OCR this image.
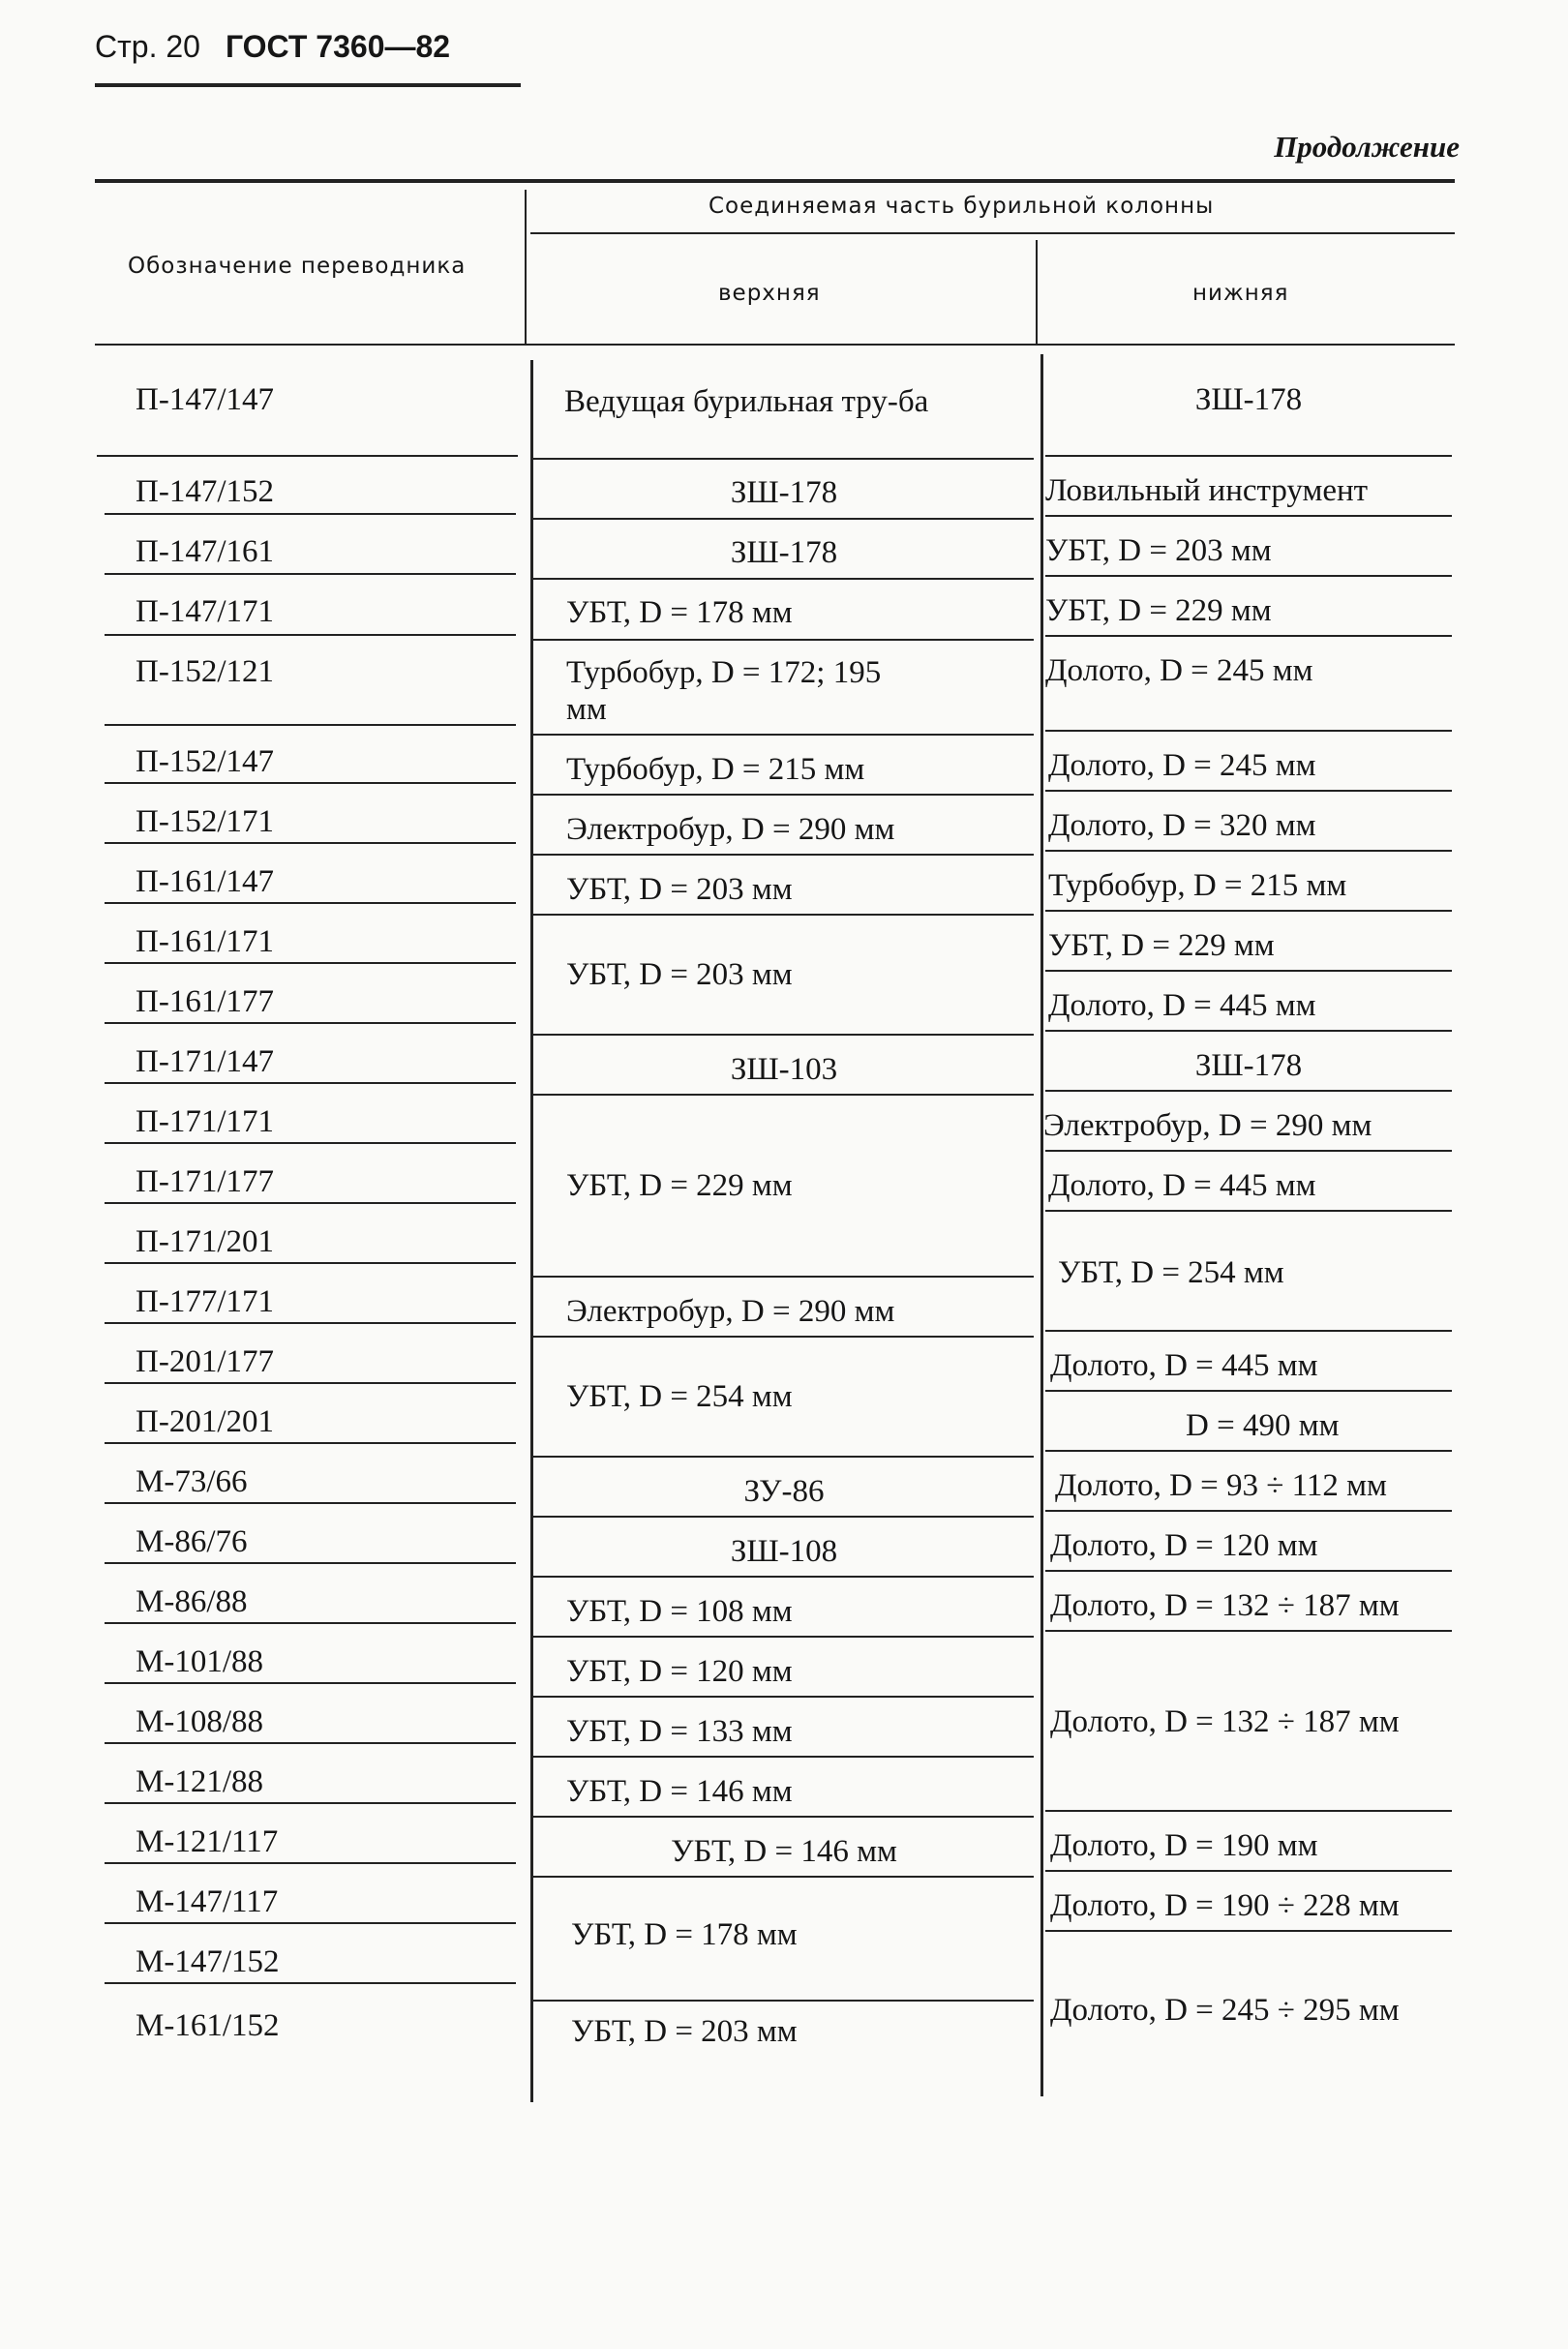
Стр. 20 ГОСТ 7360—82
Продолжение
Обозначение переводника
Соединяемая часть бурильной колонны
верхняя	нижняя
П-147/147
П-147/152
П-147/161
П-147/171
П-152/121
П-152/147
П-152/171
П-161/147
П-161/171
П-161/177
П-171/147
П-171/171
П-171/177
П-171/201
П-177/171
П-201/177
П-201/201
М-73/66
М-86/76
М-86/88
М-101/88
М-108/88
М-121/88
М-121/117
М-147/117
М-147/152
М-161/152
Ведущая бурильная тру-ба
ЗШ-178
ЗШ-178
УБТ, D = 178 мм
Турбобур, D = 172; 195 мм
Турбобур, D = 215 мм
Электробур, D = 290 мм
УБТ, D = 203 мм
УБТ, D = 203 мм
ЗШ-103
УБТ, D = 229 мм
Электробур, D = 290 мм
УБТ, D = 254 мм
ЗУ-86
ЗШ-108
УБТ, D = 108 мм
УБТ, D = 120 мм
УБТ, D = 133 мм
УБТ, D = 146 мм
УБТ, D = 146 мм
УБТ, D = 178 мм
УБТ, D = 203 мм
ЗШ-178
Ловильный инструмент
УБТ, D = 203 мм
УБТ, D = 229 мм
Долото, D = 245 мм
Долото, D = 245 мм
Долото, D = 320 мм
Турбобур, D = 215 мм
УБТ, D = 229 мм
Долото, D = 445 мм
ЗШ-178
Электробур, D = 290 мм
Долото, D = 445 мм
УБТ, D = 254 мм
Долото, D = 445 мм
D = 490 мм
Долото, D = 93 ÷ 112 мм
Долото, D = 120 мм
Долото, D = 132 ÷ 187 мм
Долото, D = 132 ÷ 187 мм
Долото, D = 190 мм
Долото, D = 190 ÷ 228 мм
Долото, D = 245 ÷ 295 мм
